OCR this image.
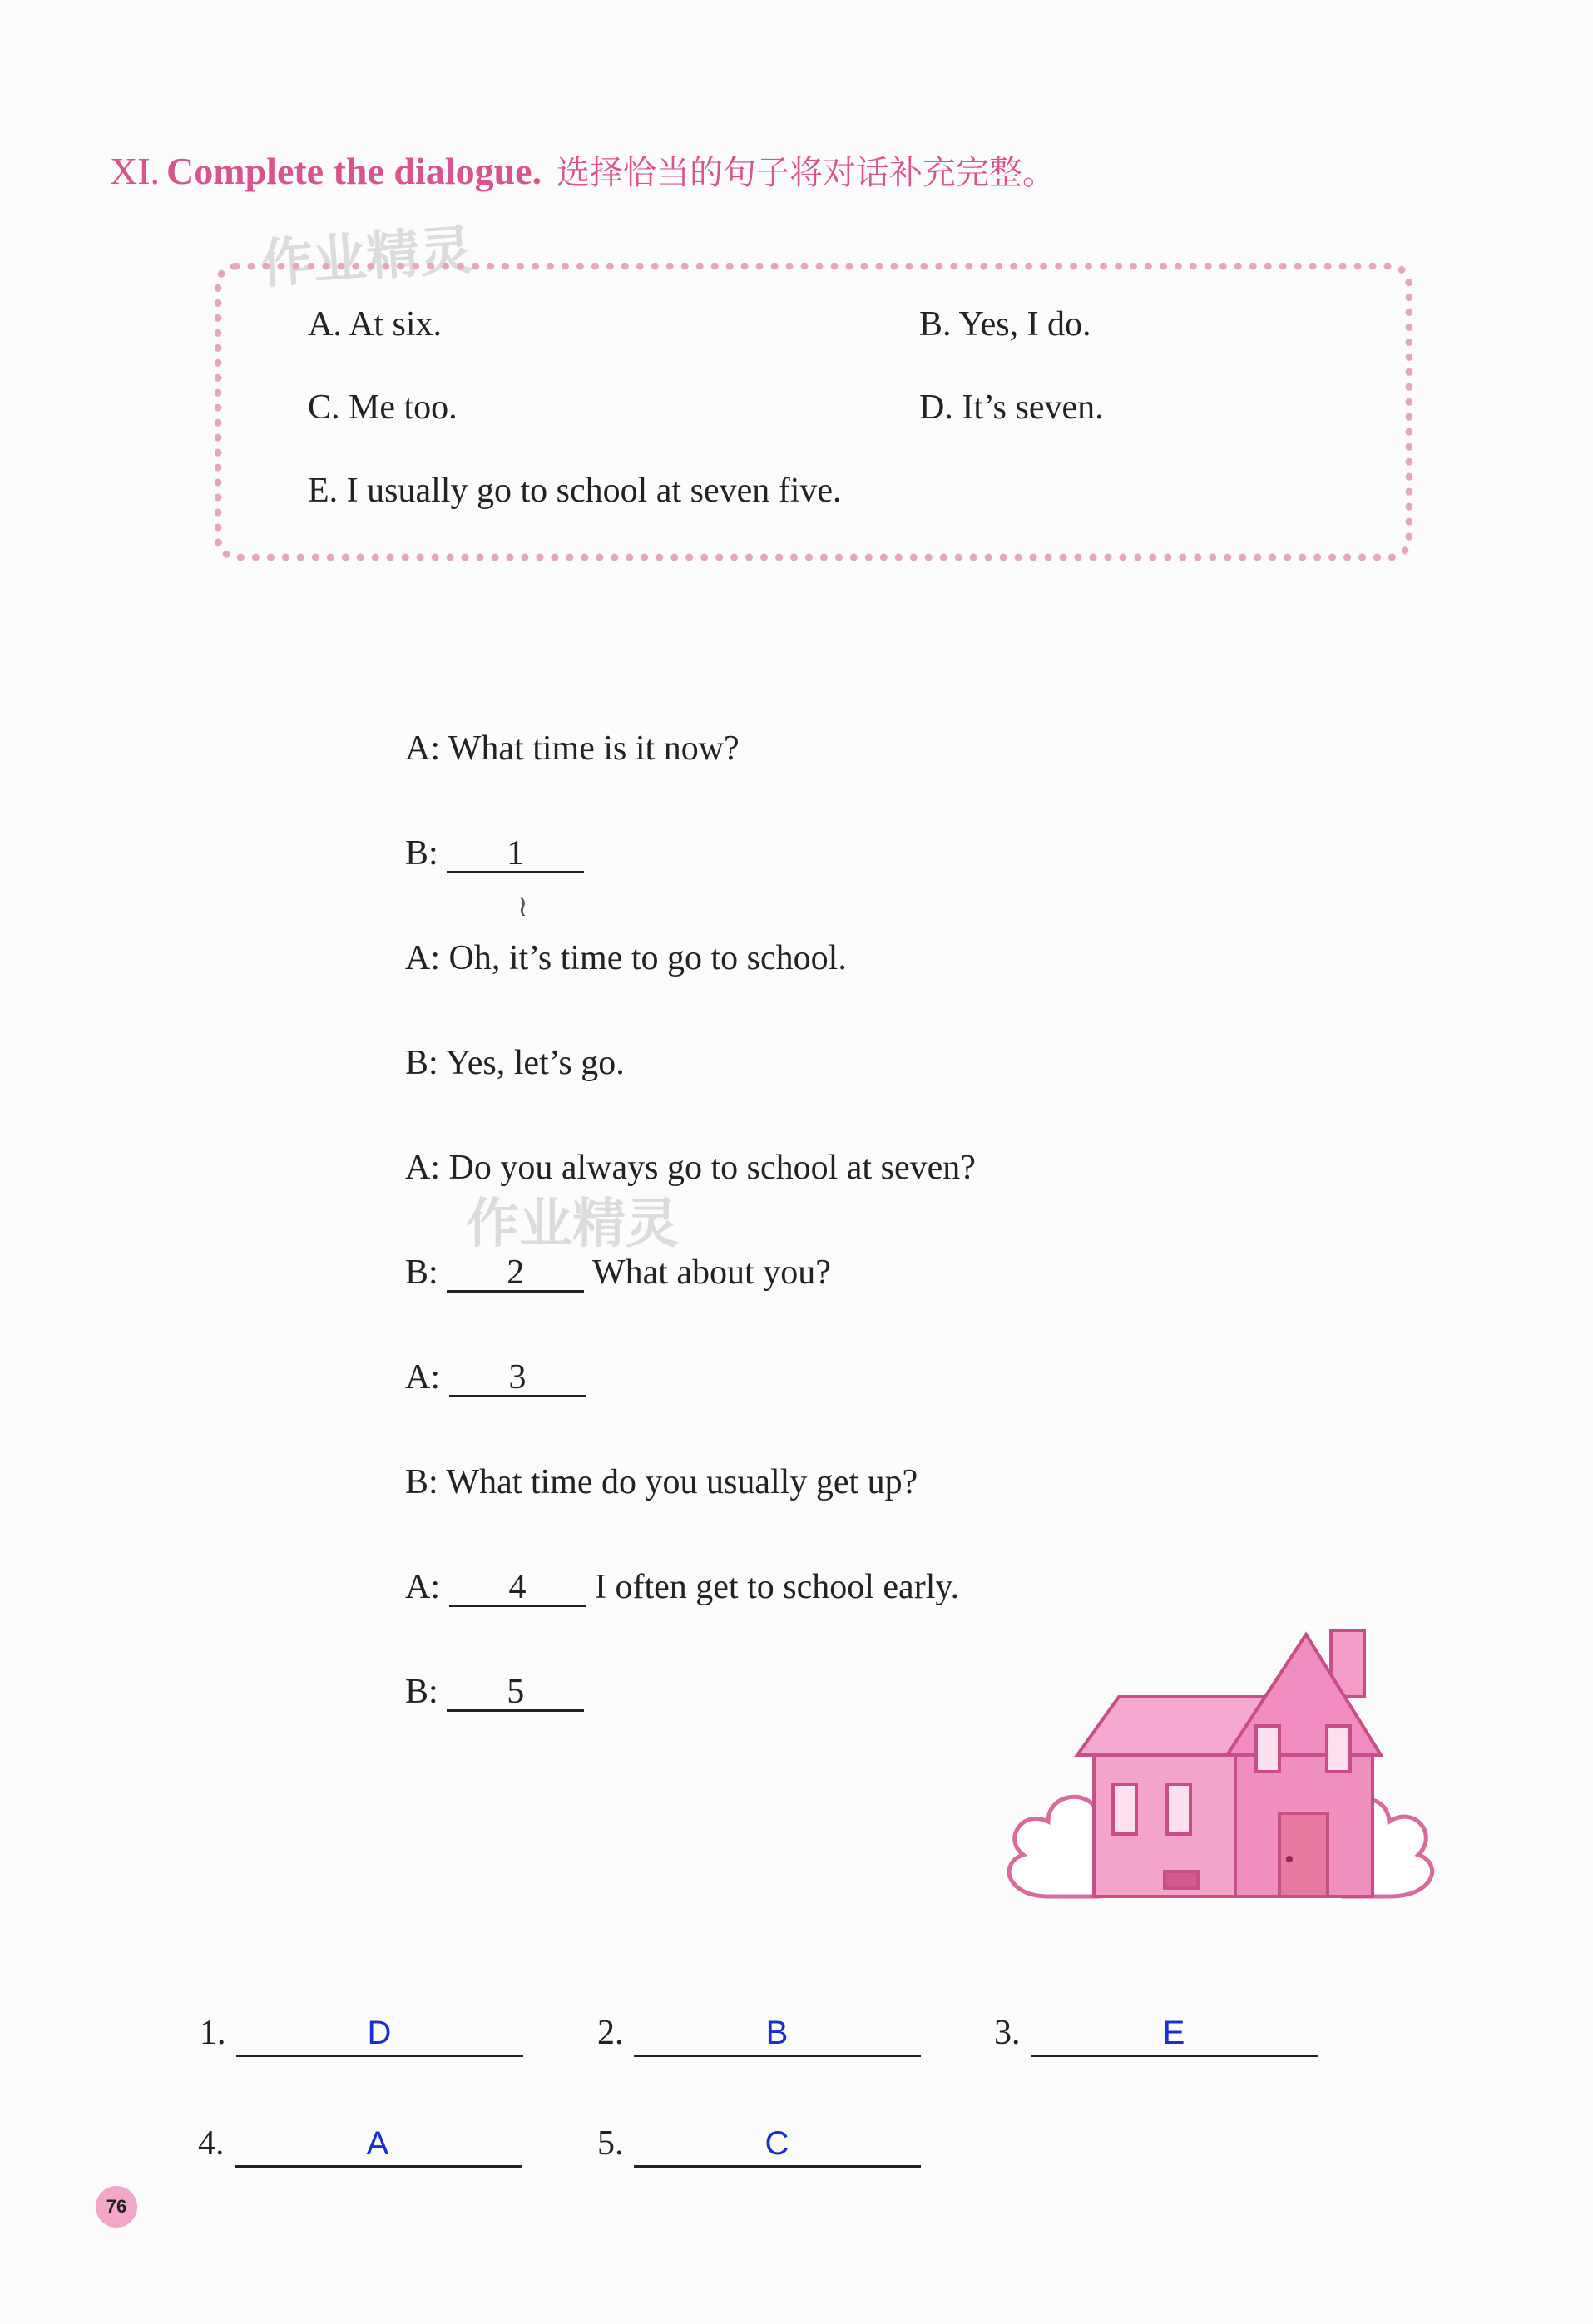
XI. Complete the dialogue. 选择恰当的句子将对话补充完整。
作业精灵
A. At six.	B. Yes, I do.
C. Me too.	D. It’s seven.
E. I usually go to school at seven five.
A: What time is it now?
B: 1
≀
A: Oh, it’s time to go to school.
B: Yes, let’s go.
A: Do you always go to school at seven?
作业精灵
B: 2 What about you?
A: 3
B: What time do you usually get up?
A: 4 I often get to school early.
B: 5
1.	D	2.	B	3.	E
4.	A	5.	C
76
